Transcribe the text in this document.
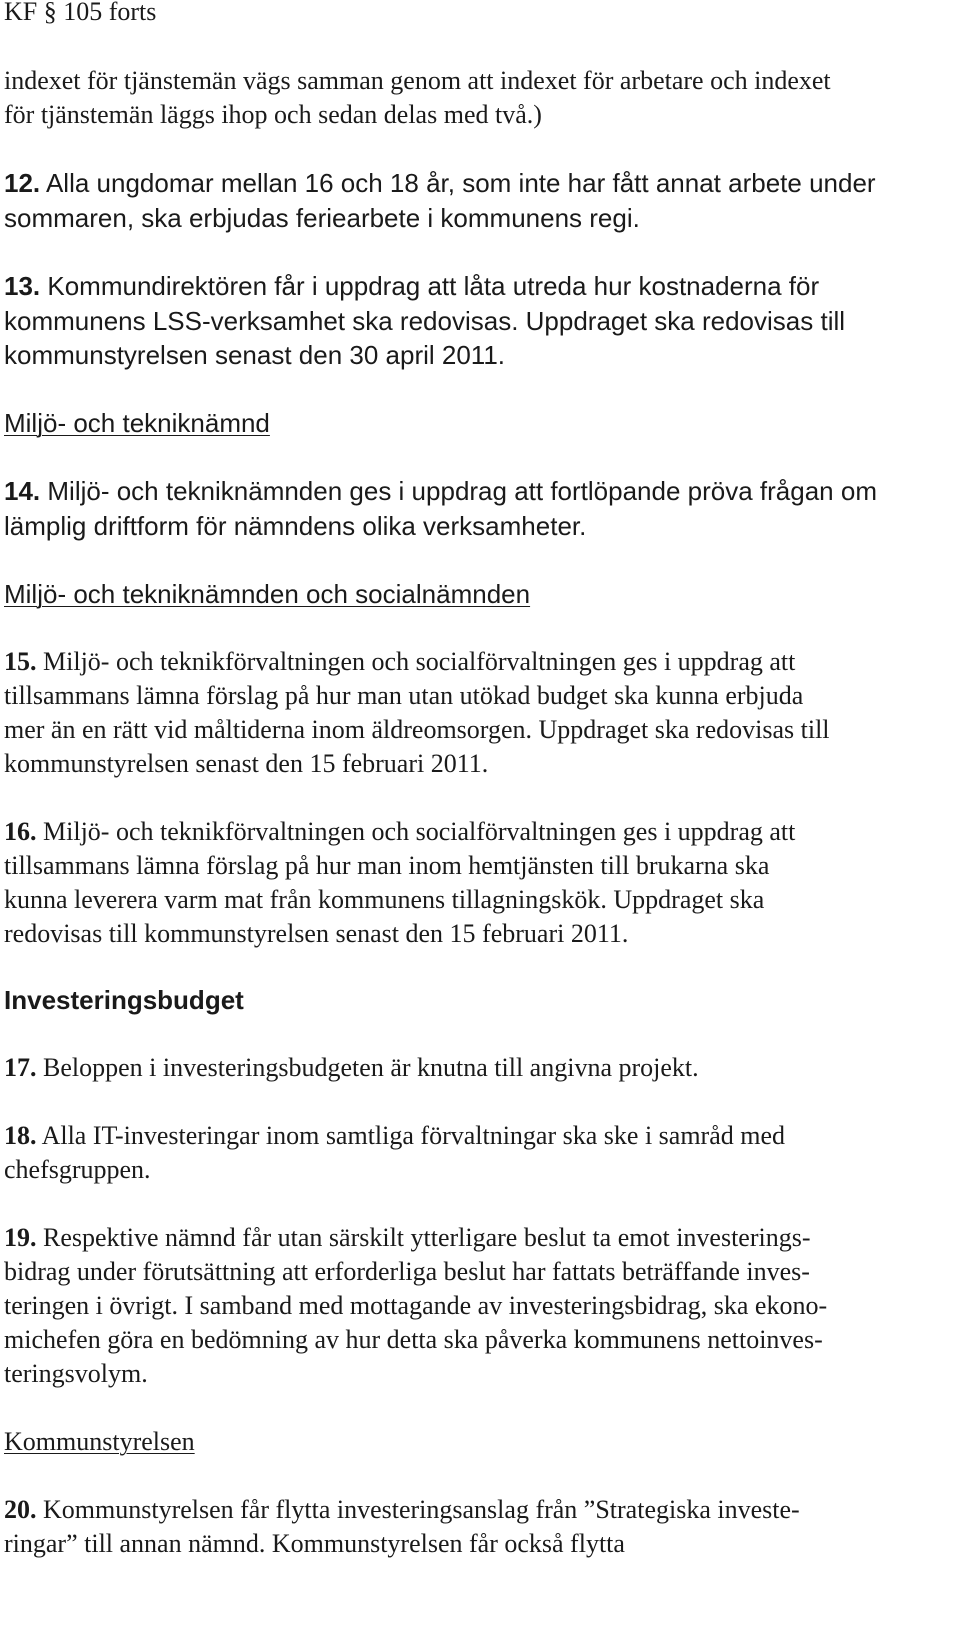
KF § 105 forts

indexet för tjänstemän vägs samman genom att indexet för arbetare och indexet

för tjänstemän läggs ihop och sedan delas med två.)

12. Alla ungdomar mellan 16 och 18 år, som inte har fått annat arbete under

sommaren, ska erbjudas feriearbete i kommunens regi.

13. Kommundirektören får i uppdrag att låta utreda hur kostnaderna för

kommunens LSS-verksamhet ska redovisas. Uppdraget ska redovisas till

kommunstyrelsen senast den 30 april 2011.

Miljö- och tekniknämnd

14. Miljö- och tekniknämnden ges i uppdrag att fortlöpande pröva frågan om

lämplig driftform för nämndens olika verksamheter.

Miljö- och tekniknämnden och socialnämnden

15. Miljö- och teknikförvaltningen och socialförvaltningen ges i uppdrag att

tillsammans lämna förslag på hur man utan utökad budget ska kunna erbjuda

mer än en rätt vid måltiderna inom äldreomsorgen. Uppdraget ska redovisas till

kommunstyrelsen senast den 15 februari 2011.

16. Miljö- och teknikförvaltningen och socialförvaltningen ges i uppdrag att

tillsammans lämna förslag på hur man inom hemtjänsten till brukarna ska

kunna leverera varm mat från kommunens tillagningskök. Uppdraget ska

redovisas till kommunstyrelsen senast den 15 februari 2011.

Investeringsbudget

17. Beloppen i investeringsbudgeten är knutna till angivna projekt.

18. Alla IT-investeringar inom samtliga förvaltningar ska ske i samråd med

chefsgruppen.

19. Respektive nämnd får utan särskilt ytterligare beslut ta emot investerings-

bidrag under förutsättning att erforderliga beslut har fattats beträffande inves-

teringen i övrigt. I samband med mottagande av investeringsbidrag, ska ekono-

michefen göra en bedömning av hur detta ska påverka kommunens nettoinves-

teringsvolym.

Kommunstyrelsen

20. Kommunstyrelsen får flytta investeringsanslag från ”Strategiska investe-

ringar” till annan nämnd. Kommunstyrelsen får också flytta
